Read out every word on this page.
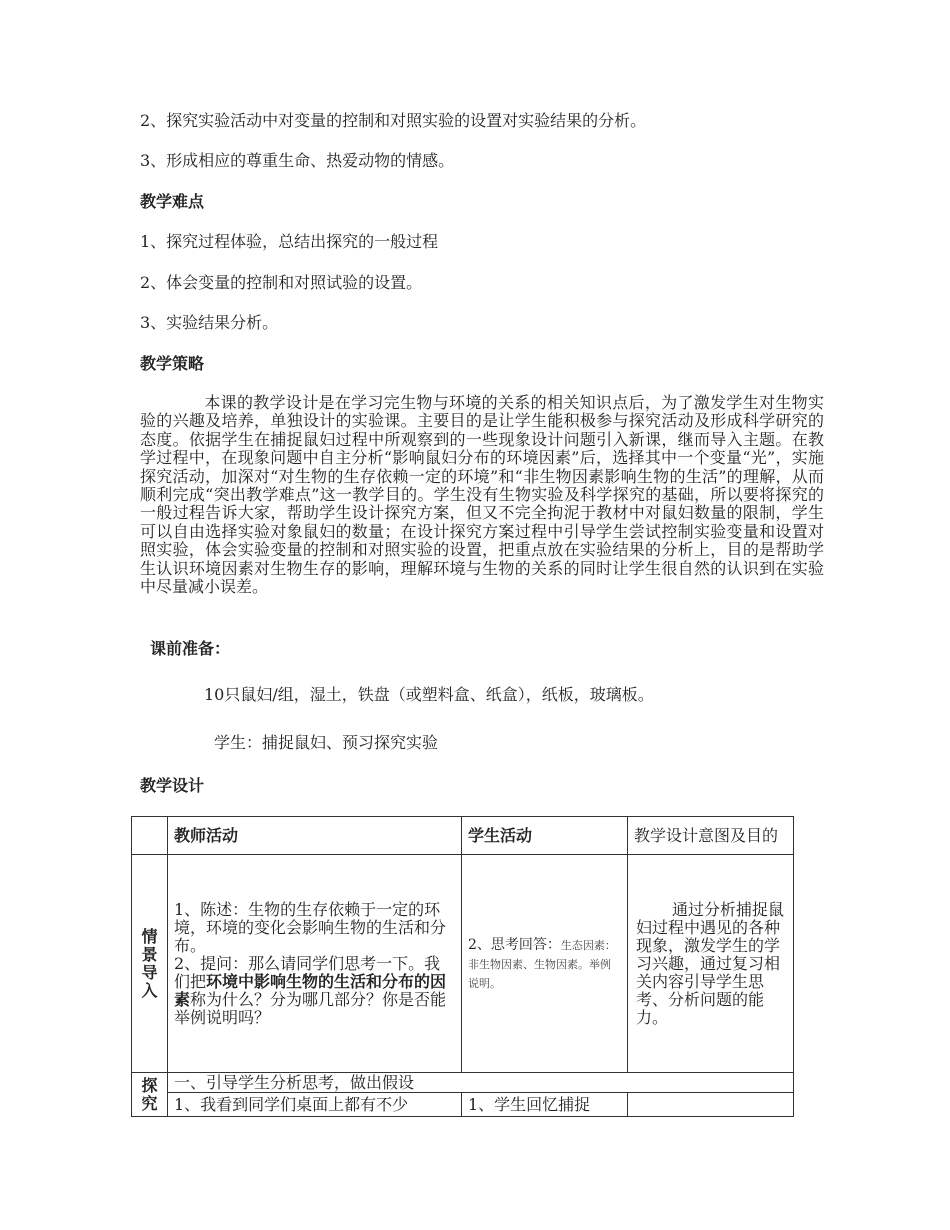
2、探究实验活动中对变量的控制和对照实验的设置对实验结果的分析。
3、形成相应的尊重生命、热爱动物的情感。
教学难点
1、探究过程体验，总结出探究的一般过程
2、体会变量的控制和对照试验的设置。
3、实验结果分析。
教学策略
本课的教学设计是在学习完生物与环境的关系的相关知识点后，为了激发学生对生物实验的兴趣及培养，单独设计的实验课。主要目的是让学生能积极参与探究活动及形成科学研究的态度。依据学生在捕捉鼠妇过程中所观察到的一些现象设计问题引入新课，继而导入主题。在教学过程中，在现象问题中自主分析“影响鼠妇分布的环境因素”后，选择其中一个变量“光”，实施探究活动，加深对“对生物的生存依赖一定的环境”和“非生物因素影响生物的生活”的理解，从而顺利完成“突出教学难点”这一教学目的。学生没有生物实验及科学探究的基础，所以要将探究的一般过程告诉大家，帮助学生设计探究方案，但又不完全拘泥于教材中对鼠妇数量的限制，学生可以自由选择实验对象鼠妇的数量；在设计探究方案过程中引导学生尝试控制实验变量和设置对照实验，体会实验变量的控制和对照实验的设置，把重点放在实验结果的分析上，目的是帮助学生认识环境因素对生物生存的影响，理解环境与生物的关系的同时让学生很自然的认识到在实验中尽量减小误差。
课前准备：
10只鼠妇/组，湿土，铁盘（或塑料盒、纸盒），纸板，玻璃板。
学生：捕捉鼠妇、预习探究实验
教学设计
	教师活动	学生活动	教学设计意图及目的
情景导入	1、陈述：生物的生存依赖于一定的环境，环境的变化会影响生物的生活和分布。
2、提问：那么请同学们思考一下。我们把环境中影响生物的生活和分布的因素称为什么？分为哪几部分？你是否能举例说明吗？	2、思考回答：生态因素：非生物因素、生物因素。举例说明。	通过分析捕捉鼠妇过程中遇见的各种现象，激发学生的学习兴趣，通过复习相关内容引导学生思考、分析问题的能力。
探究	一、引导学生分析思考，做出假设		
	1、我看到同学们桌面上都有不少	1、学生回忆捕捉	
